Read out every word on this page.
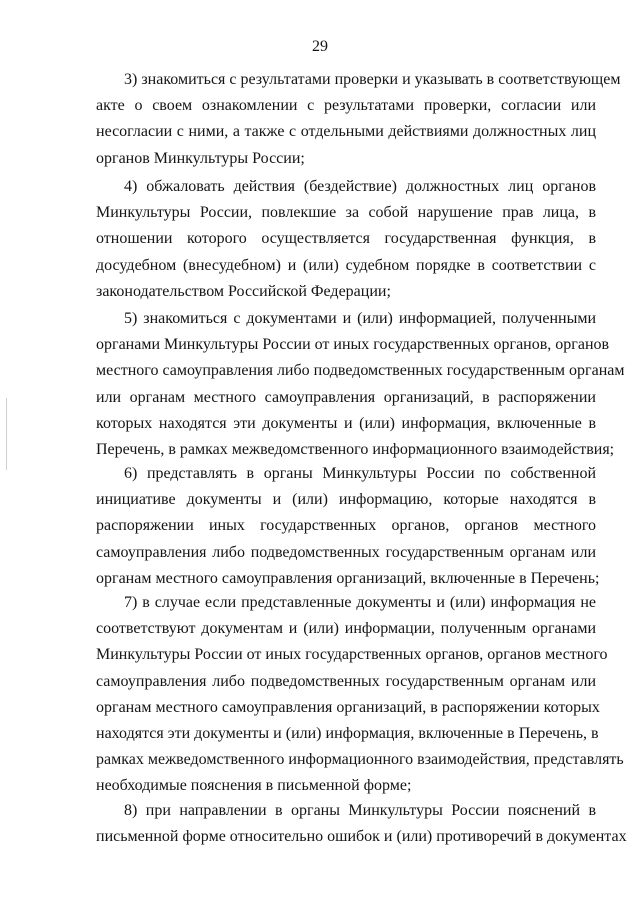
29
3) знакомиться с результатами проверки и указывать в соответствующем
акте о своем ознакомлении с результатами проверки, согласии или
несогласии с ними, а также с отдельными действиями должностных лиц
органов Минкультуры России;
4) обжаловать действия (бездействие) должностных лиц органов
Минкультуры России, повлекшие за собой нарушение прав лица, в
отношении которого осуществляется государственная функция, в
досудебном (внесудебном) и (или) судебном порядке в соответствии с
законодательством Российской Федерации;
5) знакомиться с документами и (или) информацией, полученными
органами Минкультуры России от иных государственных органов, органов
местного самоуправления либо подведомственных государственным органам
или органам местного самоуправления организаций, в распоряжении
которых находятся эти документы и (или) информация, включенные в
Перечень, в рамках межведомственного информационного взаимодействия;
6) представлять в органы Минкультуры России по собственной
инициативе документы и (или) информацию, которые находятся в
распоряжении иных государственных органов, органов местного
самоуправления либо подведомственных государственным органам или
органам местного самоуправления организаций, включенные в Перечень;
7) в случае если представленные документы и (или) информация не
соответствуют документам и (или) информации, полученным органами
Минкультуры России от иных государственных органов, органов местного
самоуправления либо подведомственных государственным органам или
органам местного самоуправления организаций, в распоряжении которых
находятся эти документы и (или) информация, включенные в Перечень, в
рамках межведомственного информационного взаимодействия, представлять
необходимые пояснения в письменной форме;
8) при направлении в органы Минкультуры России пояснений в
письменной форме относительно ошибок и (или) противоречий в документах
